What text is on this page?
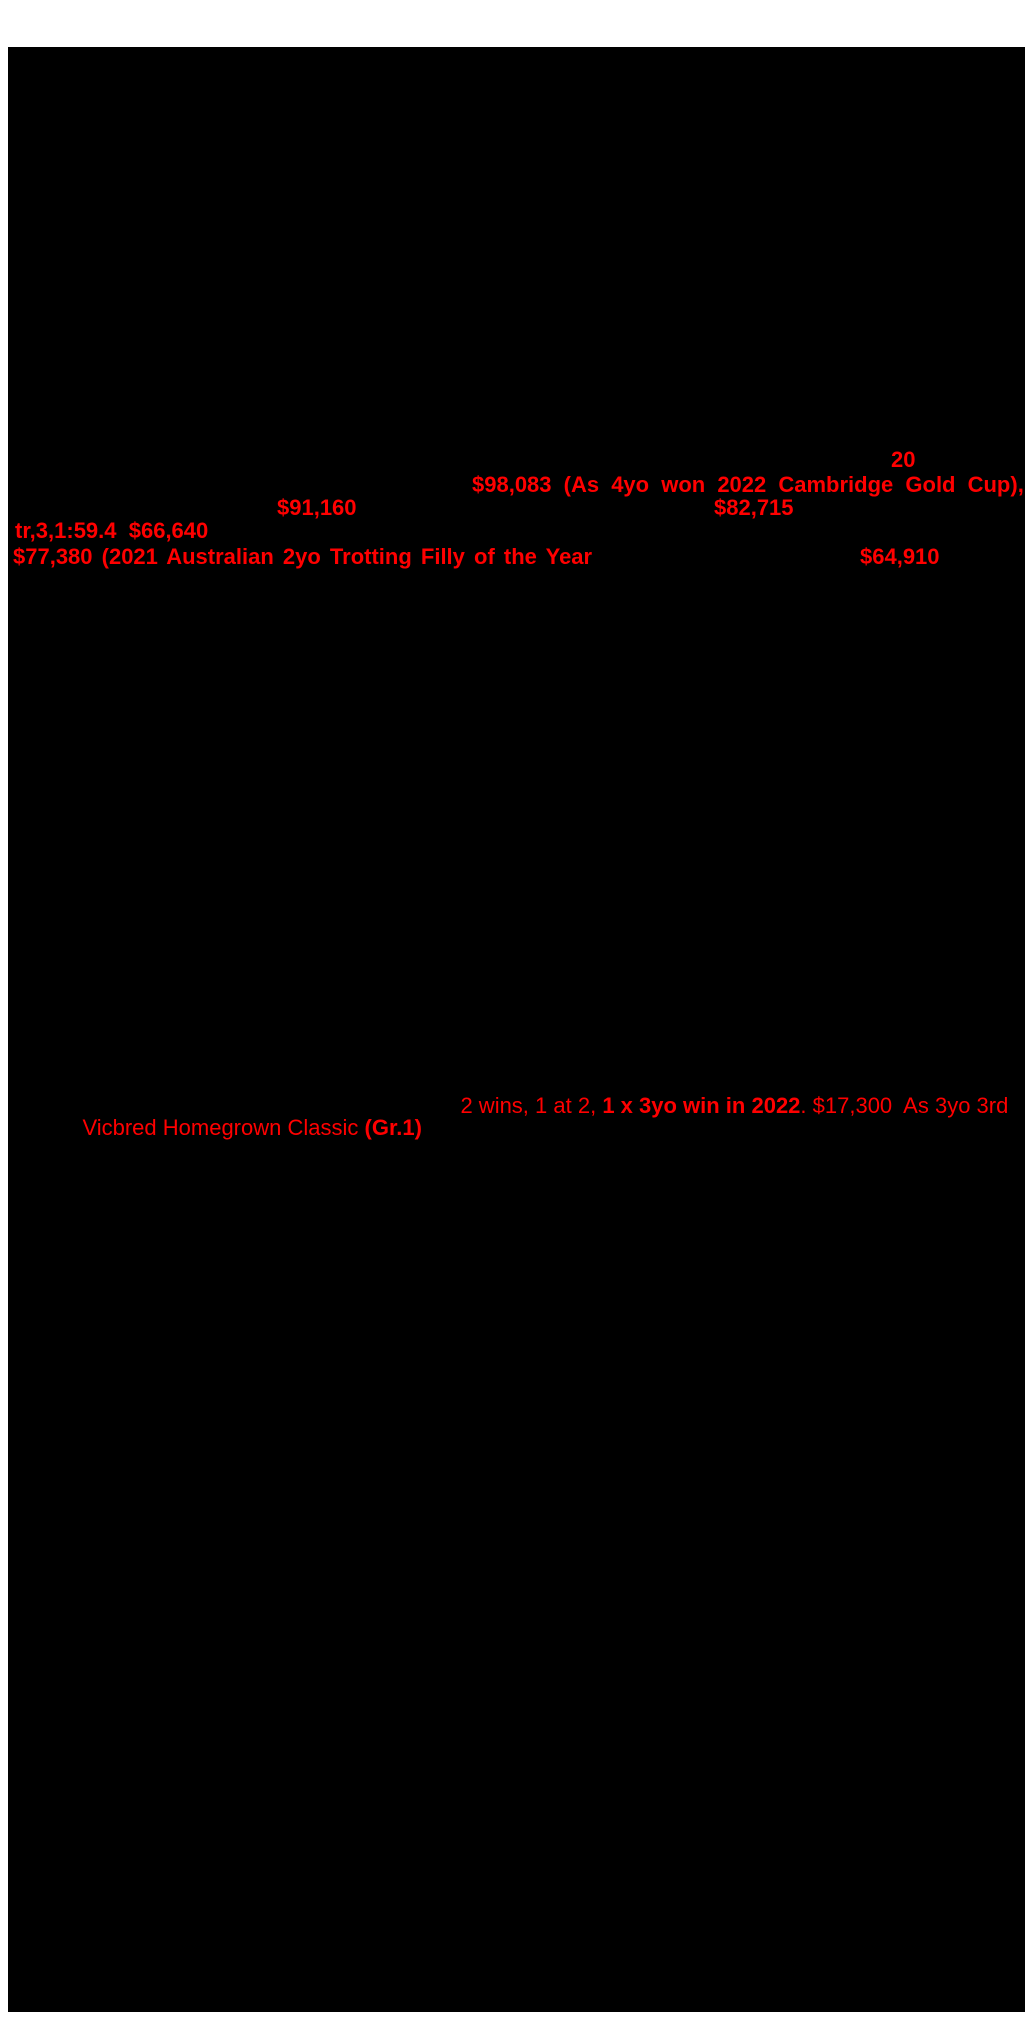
20
$98,083 (As 4yo won 2022 Cambridge Gold Cup),
$91,160	$82,715
tr,3,1:59.4  $66,640
$77,380 (2021 Australian 2yo Trotting Filly of the Year	$64,910

2 wins, 1 at 2, 1 x 3yo win in 2022. $17,300  As 3yo 3rd

Vicbred Homegrown Classic (Gr.1)
